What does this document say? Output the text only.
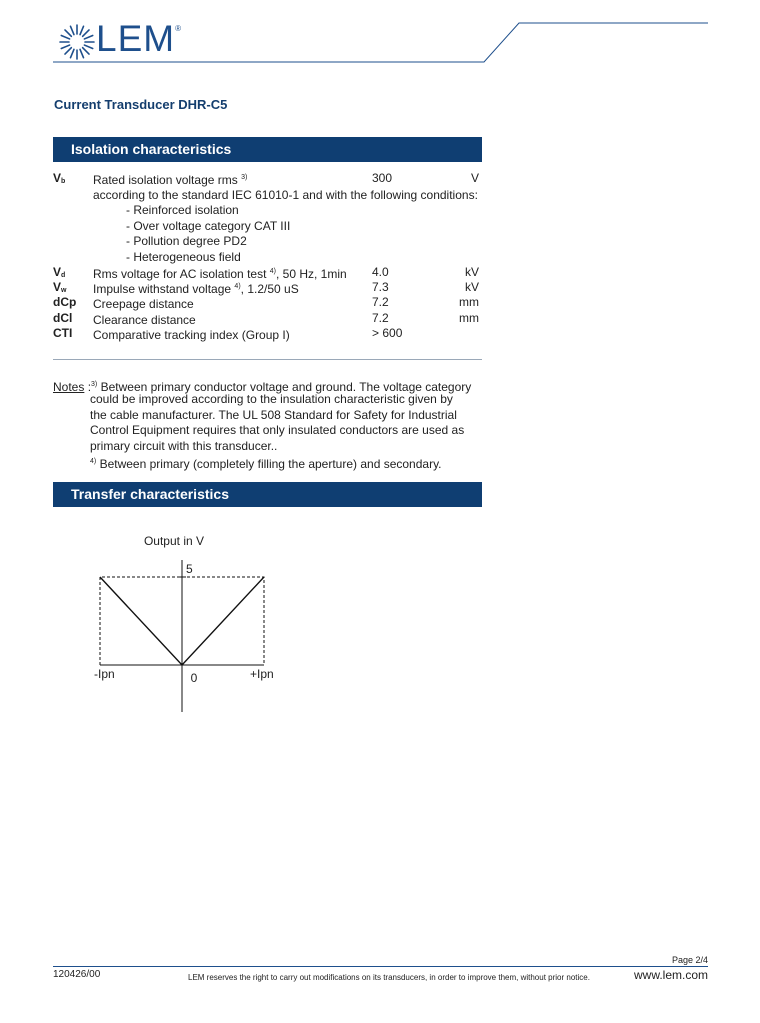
LEM®
Current Transducer DHR-C5
Isolation characteristics
V b Rated isolation voltage rms $^{3)}$	300	V
V d Rms voltage for AC isolation test $^{4)}$, 50 Hz, 1min 4.0	kV
V w Impulse withstand voltage $^{4)}$, 1.2/50 uS	7.3	kV
dCp Creepage distance	7.2	mm
dCl Clearance distance	7.2	mm
CTI Comparative tracking index (Group I)	> 600
according to the standard IEC 61010-1 and with the following conditions:
- Reinforced isolation
- Over voltage category CAT III
- Pollution degree PD2
- Heterogeneous field
Notes :$^{3)}$ Between primary conductor voltage and ground. The voltage category
could be improved according to the insulation characteristic given by
the cable manufacturer. The UL 508 Standard for Safety for Industrial
Control Equipment requires that only insulated conductors are used as
primary circuit with this transducer..
$^{4)}$ Between primary (completely filling the aperture) and secondary.
Transfer characteristics
Output in V
5
-Ipn	0	+Ipn
Page 2/4
120426/00	LEM reserves the right to carry out modifications on its transducers, in order to improve them, without prior notice.	www.lem.com
